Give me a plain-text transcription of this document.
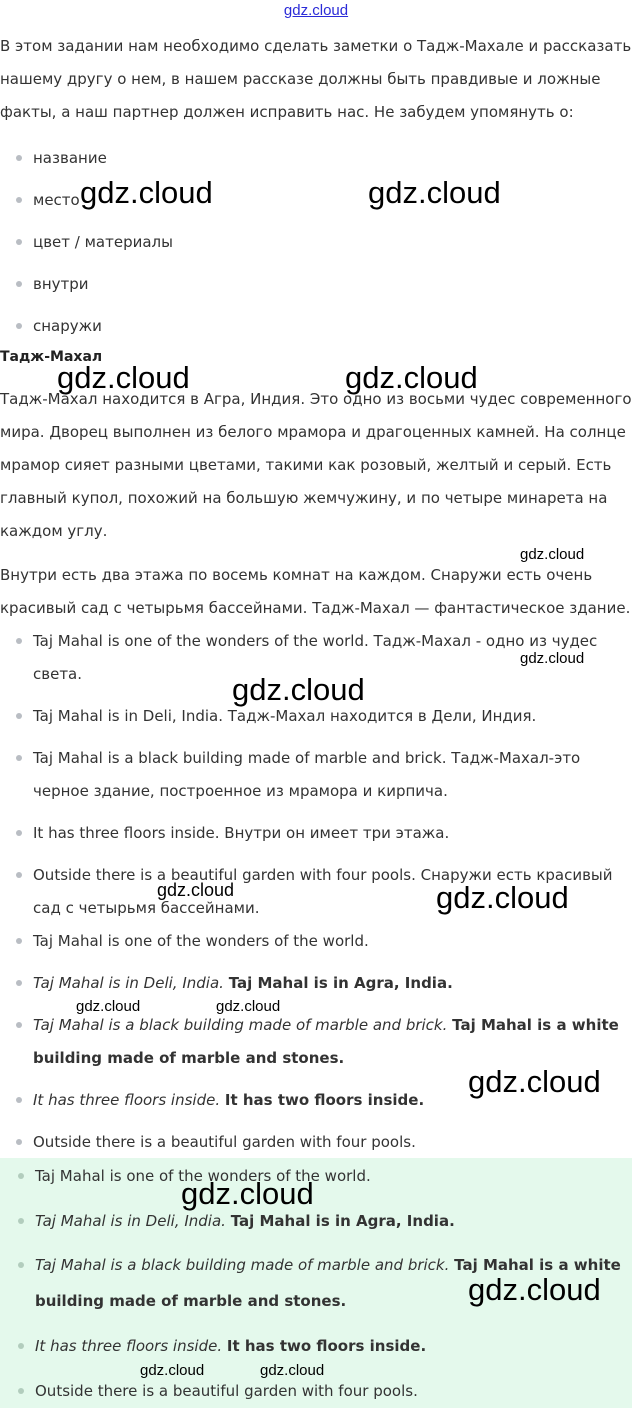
gdz.cloud

В этом задании нам необходимо сделать заметки о Тадж-Махале и рассказать нашему другу о нем, в нашем рассказе должны быть правдивые и ложные факты, а наш партнер должен исправить нас. Не забудем упомянуть о:

название
место
цвет / материалы
внутри
снаружи
Тадж-Махал

Тадж-Махал находится в Агра, Индия. Это одно из восьми чудес современного мира. Дворец выполнен из белого мрамора и драгоценных камней. На солнце мрамор сияет разными цветами, такими как розовый, желтый и серый. Есть главный купол, похожий на большую жемчужину, и по четыре минарета на каждом углу.

Внутри есть два этажа по восемь комнат на каждом. Снаружи есть очень красивый сад с четырьмя бассейнами. Тадж-Махал — фантастическое здание.

Taj Mahal is one of the wonders of the world. Тадж-Махал - одно из чудес света.
Taj Mahal is in Deli, India. Тадж-Махал находится в Дели, Индия.
Taj Mahal is a black building made of marble and brick. Тадж-Махал-это черное здание, построенное из мрамора и кирпича.
It has three floors inside. Внутри он имеет три этажа.
Outside there is a beautiful garden with four pools. Снаружи есть красивый сад с четырьмя бассейнами.
Taj Mahal is one of the wonders of the world.
Taj Mahal is in Deli, India. Taj Mahal is in Agra, India.
Taj Mahal is a black building made of marble and brick. Taj Mahal is a white building made of marble and stones.
It has three floors inside. It has two floors inside.
Outside there is a beautiful garden with four pools.
Taj Mahal is one of the wonders of the world.
Taj Mahal is in Deli, India. Taj Mahal is in Agra, India.
Taj Mahal is a black building made of marble and brick. Taj Mahal is a white building made of marble and stones.
It has three floors inside. It has two floors inside.
Outside there is a beautiful garden with four pools.
gdz.cloud	gdz.cloud
gdz.cloud	gdz.cloud
gdz.cloud
gdz.cloud
gdz.cloud
gdz.cloud	gdz.cloud
gdz.cloud	gdz.cloud
gdz.cloud
gdz.cloud
gdz.cloud
gdz.cloud	gdz.cloud
